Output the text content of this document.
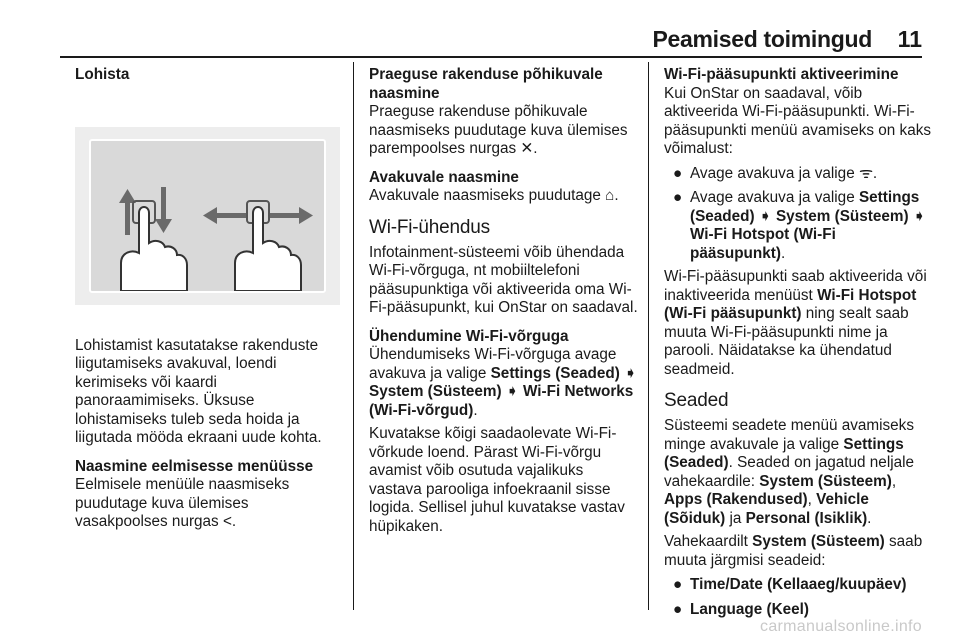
Peamised toimingud 11

Lohista

Lohistamist kasutatakse rakenduste liigutamiseks avakuval, loendi kerimiseks või kaardi panoraamimiseks. Üksuse lohistamiseks tuleb seda hoida ja liigutada mööda ekraani uude kohta.

Naasmine eelmisesse menüüsse

Eelmisele menüüle naasmiseks puudutage kuva ülemises vasakpoolses nurgas <.

Praeguse rakenduse põhikuvale naasmine

Praeguse rakenduse põhikuvale naasmiseks puudutage kuva ülemises parempoolses nurgas ✕.

Avakuvale naasmine

Avakuvale naasmiseks puudutage ⌂.

Wi-Fi-ühendus

Infotainment-süsteemi võib ühendada Wi-Fi-võrguga, nt mobiiltelefoni pääsupunktiga või aktiveerida oma Wi-Fi-pääsupunkt, kui OnStar on saadaval.

Ühendumine Wi-Fi-võrguga

Ühendumiseks Wi-Fi-võrguga avage avakuva ja valige Settings (Seaded) ➧ System (Süsteem) ➧ Wi-Fi Networks (Wi-Fi-võrgud).

Kuvatakse kõigi saadaolevate Wi-Fi-võrkude loend. Pärast Wi-Fi-võrgu avamist võib osutuda vajalikuks vastava parooliga infoekraanil sisse logida. Sellisel juhul kuvatakse vastav hüpikaken.

Wi-Fi-pääsupunkti aktiveerimine

Kui OnStar on saadaval, võib aktiveerida Wi-Fi-pääsupunkti. Wi-Fi-pääsupunkti menüü avamiseks on kaks võimalust:

● Avage avakuva ja valige ᯤ.
● Avage avakuva ja valige Settings (Seaded) ➧ System (Süsteem) ➧ Wi-Fi Hotspot (Wi-Fi pääsupunkt).

Wi-Fi-pääsupunkti saab aktiveerida või inaktiveerida menüüst Wi-Fi Hotspot (Wi-Fi pääsupunkt) ning sealt saab muuta Wi-Fi-pääsupunkti nime ja parooli. Näidatakse ka ühendatud seadmeid.

Seaded

Süsteemi seadete menüü avamiseks minge avakuvale ja valige Settings (Seaded). Seaded on jagatud neljale vahekaardile: System (Süsteem), Apps (Rakendused), Vehicle (Sõiduk) ja Personal (Isiklik).

Vahekaardilt System (Süsteem) saab muuta järgmisi seadeid:

● Time/Date (Kellaaeg/kuupäev)
● Language (Keel)
carmanualsonline.info
